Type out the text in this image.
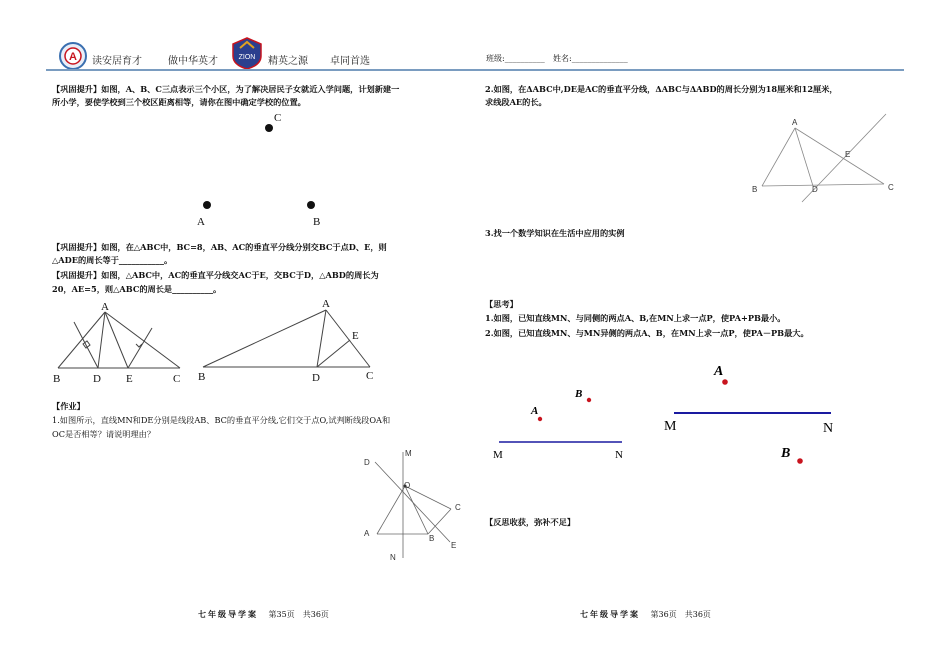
A 读安居育才	做中华英才	ZION 精英之源 卓同首选	班级:__________ 姓名:______________
【巩固提升】如图，A、B、C三点表示三个小区，为了解决居民子女就近入学问题，计划新建一
所小学，要使学校到三个校区距离相等，请你在图中确定学校的位置。
C
A	B
【巩固提升】如图，在△ABC中，BC=8，AB、AC的垂直平分线分别交BC于点D、E，则
△ADE的周长等于___________。
【巩固提升】如图，△ABC中，AC的垂直平分线交AC于E，交BC于D，△ABD的周长为
20，AE=5，则△ABC的周长是__________。
A
B	D E	C
A
E
B	D	C
【作业】
1.如图所示，直线MN和DE分别是线段AB、BC的垂直平分线,它们交于点O,试判断线段OA和
OC是否相等？请说明理由？
M
D
O
C
A
B
E
N
七年级导学案 第35页　共36页
2.如图，在ΔABC中,DE是AC的垂直平分线，ΔABC与ΔABD的周长分别为18厘米和12厘米，
求线段AE的长。
A
E
B	D	C
3.找一个数学知识在生活中应用的实例
【思考】
1.如图，已知直线MN、与同侧的两点A、B,在MN上求一点P，使PA+PB最小。
2.如图，已知直线MN、与MN异侧的两点A、B，在MN上求一点P，使PA－PB最大。
A
B
M	N
A
B
M	N
【反思收获，弥补不足】
七年级导学案 第36页　共36页
